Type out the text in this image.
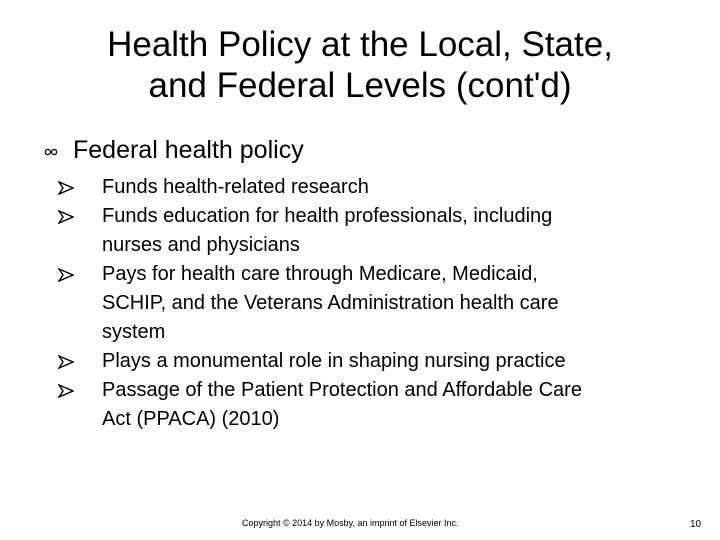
Health Policy at the Local, State,
and Federal Levels (cont'd)
Federal health policy
Funds health-related research
Funds education for health professionals, including
nurses and physicians
Pays for health care through Medicare, Medicaid,
SCHIP, and the Veterans Administration health care
system
Plays a monumental role in shaping nursing practice
Passage of the Patient Protection and Affordable Care
Act (PPACA) (2010)
Copyright © 2014 by Mosby, an imprint of Elsevier Inc.	10
